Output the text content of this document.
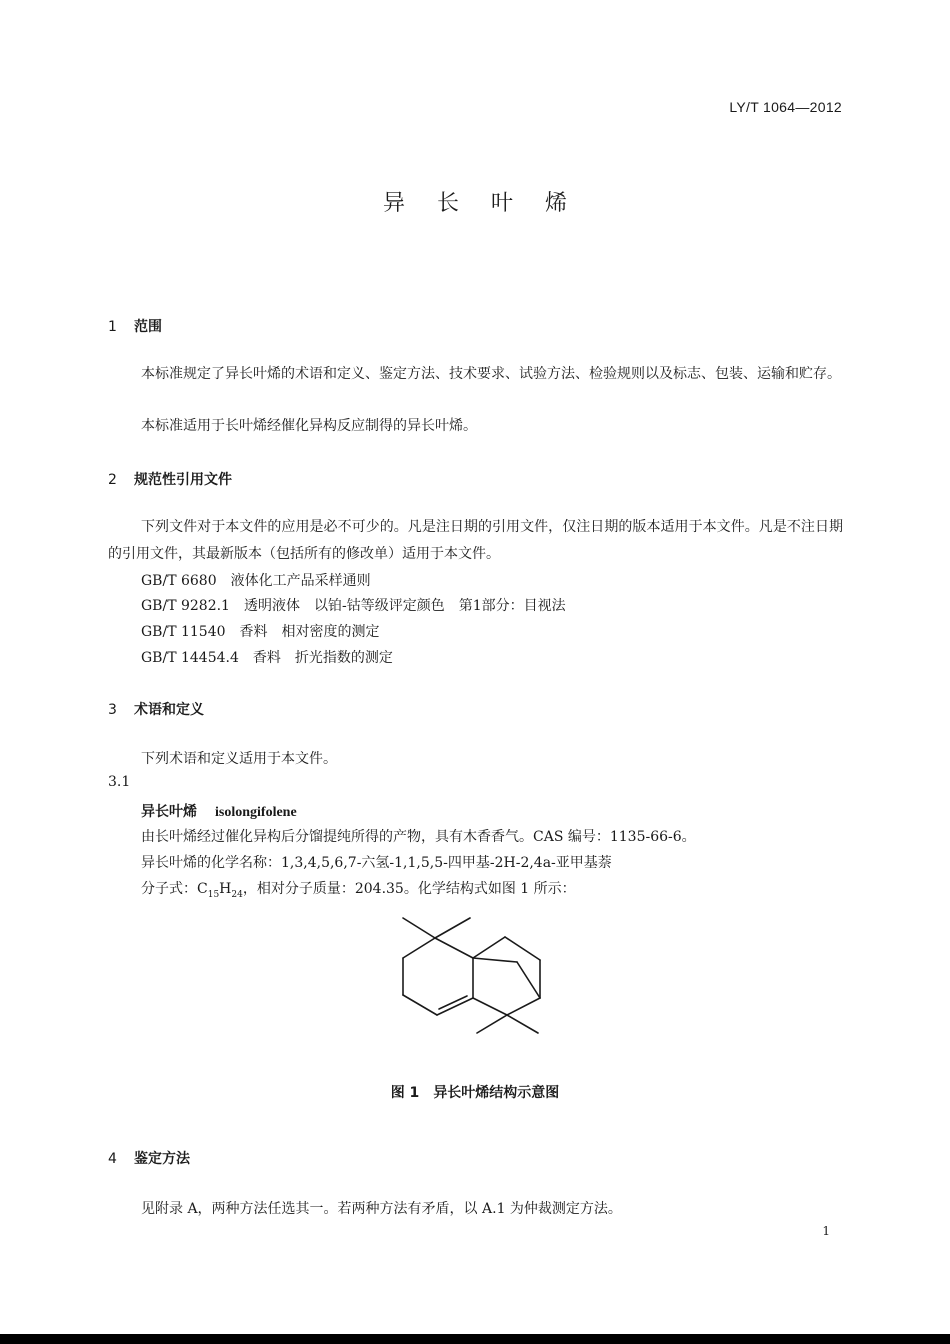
LY/T 1064—2012
异长叶烯
1 范围
本标准规定了异长叶烯的术语和定义、鉴定方法、技术要求、试验方法、检验规则以及标志、包装、运输和贮存。
本标准适用于长叶烯经催化异构反应制得的异长叶烯。
2 规范性引用文件
下列文件对于本文件的应用是必不可少的。凡是注日期的引用文件，仅注日期的版本适用于本文件。凡是不注日期的引用文件，其最新版本（包括所有的修改单）适用于本文件。
GB/T 6680　 液体化工产品采样通则
GB/T 9282.1　 透明液体　以铂-钴等级评定颜色　第1部分：目视法
GB/T 11540　 香料　相对密度的测定
GB/T 14454.4　 香料　折光指数的测定
3 术语和定义
下列术语和定义适用于本文件。
3.1
异长叶烯 isolongifolene
由长叶烯经过催化异构后分馏提纯所得的产物，具有木香香气。CAS 编号：1135-66-6。
异长叶烯的化学名称：1,3,4,5,6,7-六氢-1,1,5,5-四甲基-2H-2,4a-亚甲基萘
分子式：$C_{15}H_{24}$，相对分子质量：204.35。化学结构式如图 1 所示：
图 1 异长叶烯结构示意图
4 鉴定方法
见附录 A，两种方法任选其一。若两种方法有矛盾，以 A.1 为仲裁测定方法。
1
